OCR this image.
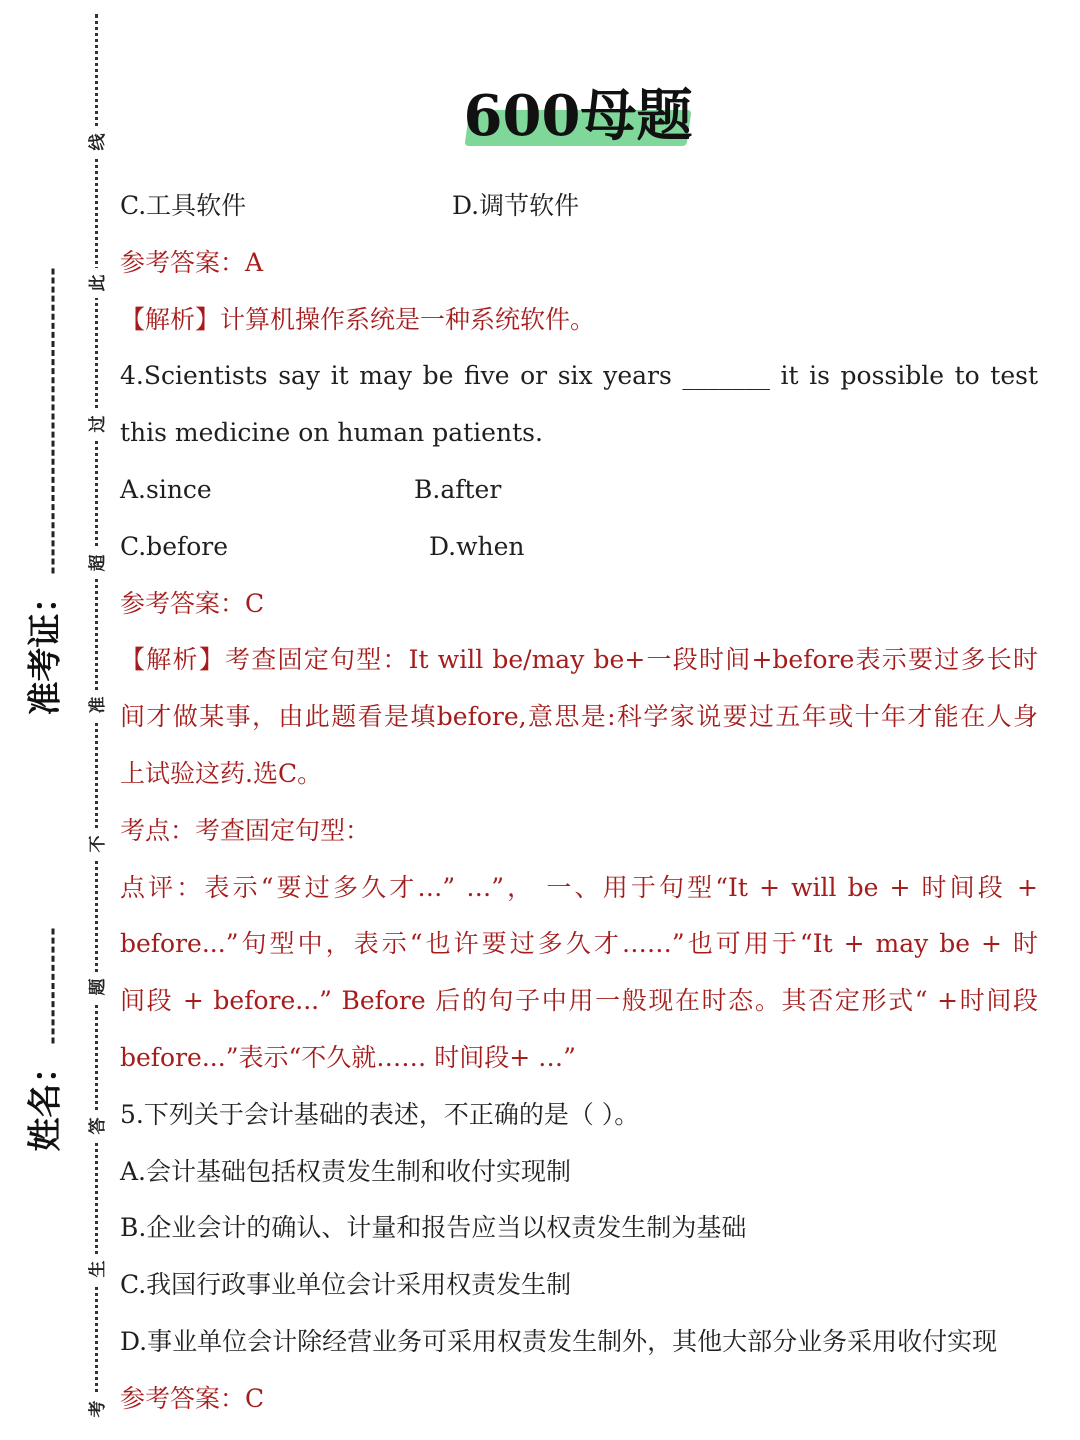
线
此
过
超
准
不
题
答
生
考
准考证：
姓名：
600母题
C.工具软件	D.调节软件
参考答案：A
【解析】计算机操作系统是一种系统软件。
4.Scientists say it may be five or six years _______ it is possible to test
this medicine on human patients.
A.since	B.after
C.before	D.when
参考答案：C
【解析】考查固定句型：It will be/may be+一段时间+before表示要过多长时
间才做某事，由此题看是填before,意思是:科学家说要过五年或十年才能在人身
上试验这药.选C。
考点：考查固定句型：
点评：表示“要过多久才…” …”， 一、用于句型“It + will be + 时间段 +
before...”句型中，表示“也许要过多久才……”也可用于“It + may be + 时
间段 + before...” Before 后的句子中用一般现在时态。其否定形式“ +时间段
before...”表示“不久就…… 时间段+ …”
5.下列关于会计基础的表述，不正确的是（ ）。
A.会计基础包括权责发生制和收付实现制
B.企业会计的确认、计量和报告应当以权责发生制为基础
C.我国行政事业单位会计采用权责发生制
D.事业单位会计除经营业务可采用权责发生制外，其他大部分业务采用收付实现
参考答案：C
